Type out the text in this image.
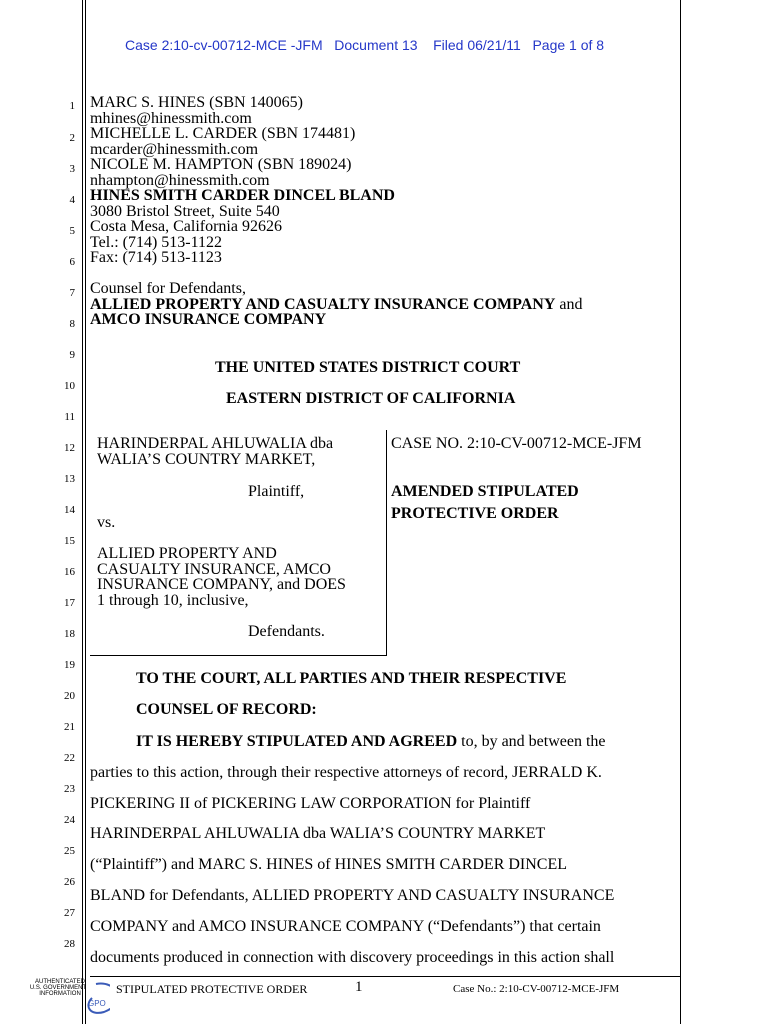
Case 2:10-cv-00712-MCE -JFM   Document 13    Filed 06/21/11   Page 1 of 8
1
2
3
4
5
6
7
8
9
10
11
12
13
14
15
16
17
18
19
20
21
22
23
24
25
26
27
28
MARC S. HINES (SBN 140065)
mhines@hinessmith.com
MICHELLE L. CARDER (SBN 174481)
mcarder@hinessmith.com
NICOLE M. HAMPTON (SBN 189024)
nhampton@hinessmith.com
HINES SMITH CARDER DINCEL BLAND
3080 Bristol Street, Suite 540
Costa Mesa, California 92626
Tel.: (714) 513-1122
Fax: (714) 513-1123
Counsel for Defendants,
ALLIED PROPERTY AND CASUALTY INSURANCE COMPANY and
AMCO INSURANCE COMPANY
THE UNITED STATES DISTRICT COURT
EASTERN DISTRICT OF CALIFORNIA
HARINDERPAL AHLUWALIA dba
WALIA’S COUNTRY MARKET,
Plaintiff,
vs.
ALLIED PROPERTY AND
CASUALTY INSURANCE, AMCO
INSURANCE COMPANY, and DOES
1 through 10, inclusive,
Defendants.
CASE NO. 2:10-CV-00712-MCE-JFM
AMENDED STIPULATED
PROTECTIVE ORDER
TO THE COURT, ALL PARTIES AND THEIR RESPECTIVE
COUNSEL OF RECORD:
IT IS HEREBY STIPULATED AND AGREED to, by and between the
parties to this action, through their respective attorneys of record, JERRALD K.
PICKERING II of PICKERING LAW CORPORATION for Plaintiff
HARINDERPAL AHLUWALIA dba WALIA’S COUNTRY MARKET
(“Plaintiff”) and MARC S. HINES of HINES SMITH CARDER DINCEL
BLAND for Defendants, ALLIED PROPERTY AND CASUALTY INSURANCE
COMPANY and AMCO INSURANCE COMPANY (“Defendants”) that certain
documents produced in connection with discovery proceedings in this action shall
STIPULATED PROTECTIVE ORDER	1	Case No.: 2:10-CV-00712-MCE-JFM
AUTHENTICATED
U.S. GOVERNMENT
INFORMATION
GPO
